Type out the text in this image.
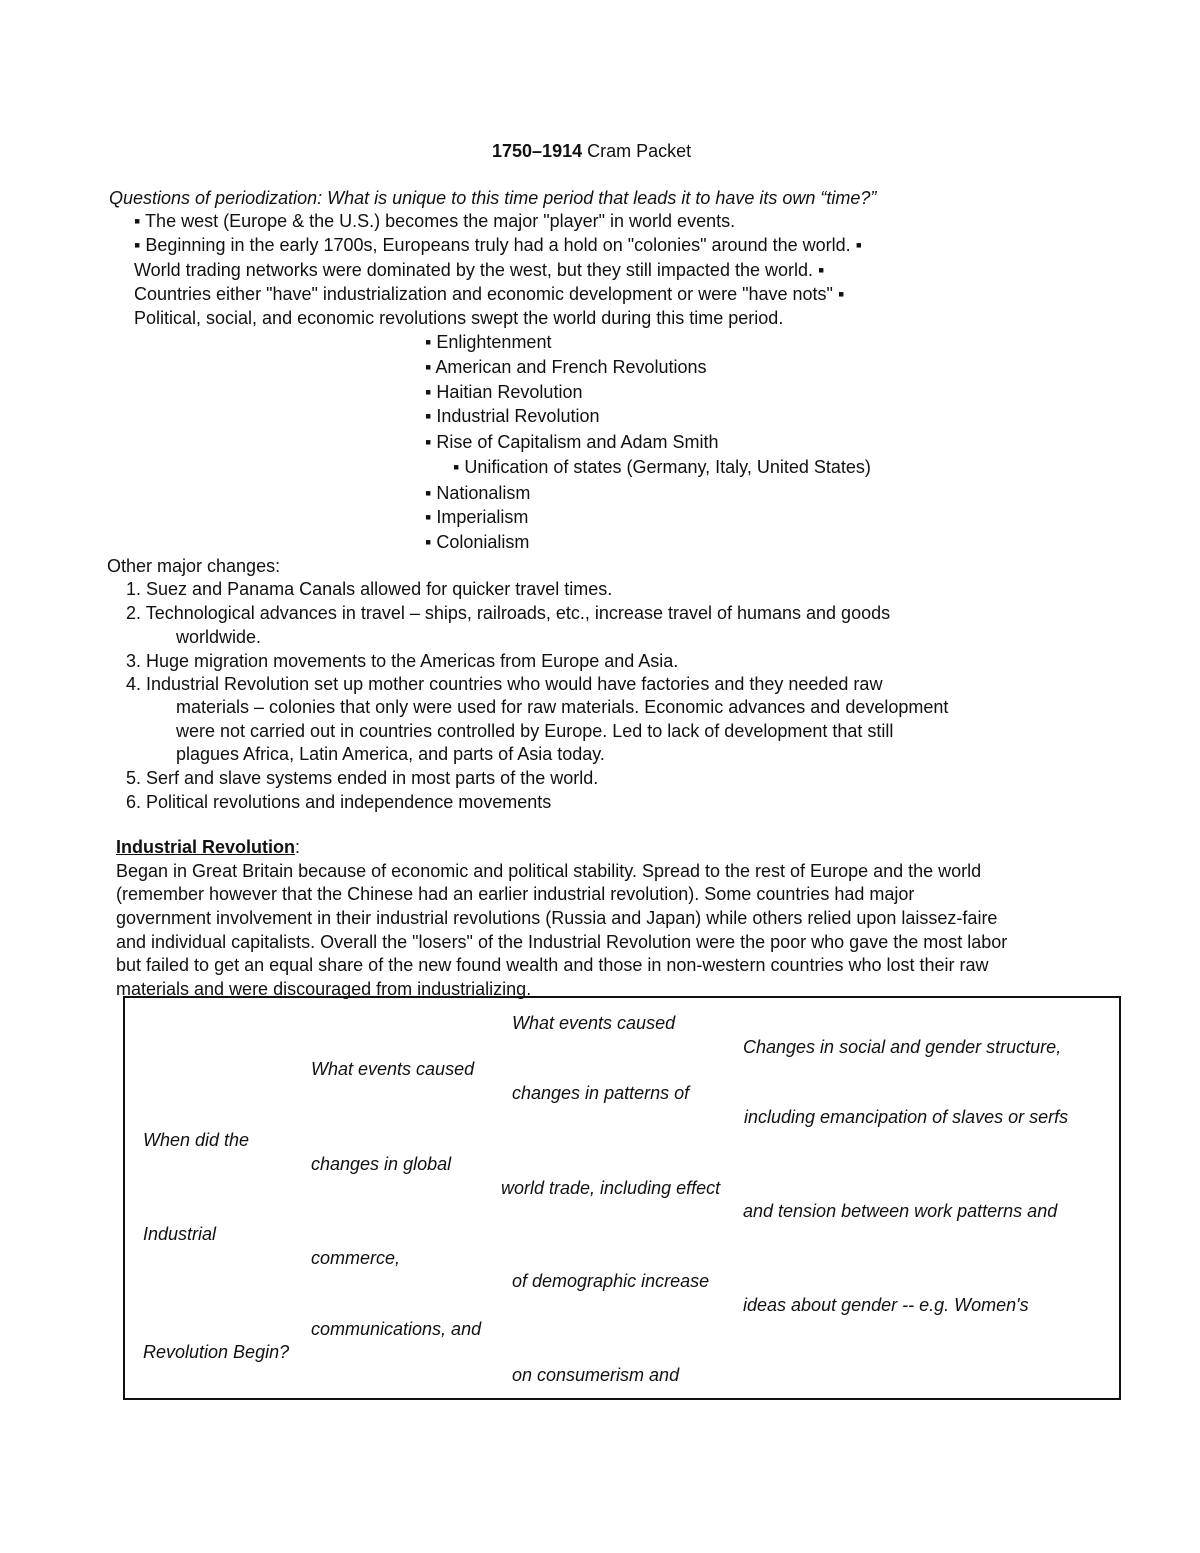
1750–1914 Cram Packet
Questions of periodization: What is unique to this time period that leads it to have its own “time?”
▪ The west (Europe & the U.S.) becomes the major "player" in world events.
▪ Beginning in the early 1700s, Europeans truly had a hold on "colonies" around the world. ▪
World trading networks were dominated by the west, but they still impacted the world. ▪
Countries either "have" industrialization and economic development or were "have nots" ▪
Political, social, and economic revolutions swept the world during this time period.
▪ Enlightenment
▪ American and French Revolutions
▪ Haitian Revolution
▪ Industrial Revolution
▪ Rise of Capitalism and Adam Smith
▪ Unification of states (Germany, Italy, United States)
▪ Nationalism
▪ Imperialism
▪ Colonialism
Other major changes:
1. Suez and Panama Canals allowed for quicker travel times.
2. Technological advances in travel – ships, railroads, etc., increase travel of humans and goods
worldwide.
3. Huge migration movements to the Americas from Europe and Asia.
4. Industrial Revolution set up mother countries who would have factories and they needed raw
materials – colonies that only were used for raw materials. Economic advances and development
were not carried out in countries controlled by Europe. Led to lack of development that still
plagues Africa, Latin America, and parts of Asia today.
5. Serf and slave systems ended in most parts of the world.
6. Political revolutions and independence movements
Industrial Revolution:
Began in Great Britain because of economic and political stability. Spread to the rest of Europe and the world
(remember however that the Chinese had an earlier industrial revolution). Some countries had major
government involvement in their industrial revolutions (Russia and Japan) while others relied upon laissez-faire
and individual capitalists. Overall the "losers" of the Industrial Revolution were the poor who gave the most labor
but failed to get an equal share of the new found wealth and those in non-western countries who lost their raw
materials and were discouraged from industrializing.
When did the
Industrial
Revolution Begin?
What events caused
changes in global
commerce,
communications, and
What events caused
changes in patterns of
world trade, including effect
of demographic increase
on consumerism and
Changes in social and gender structure,
including emancipation of slaves or serfs
and tension between work patterns and
ideas about gender -- e.g. Women's
